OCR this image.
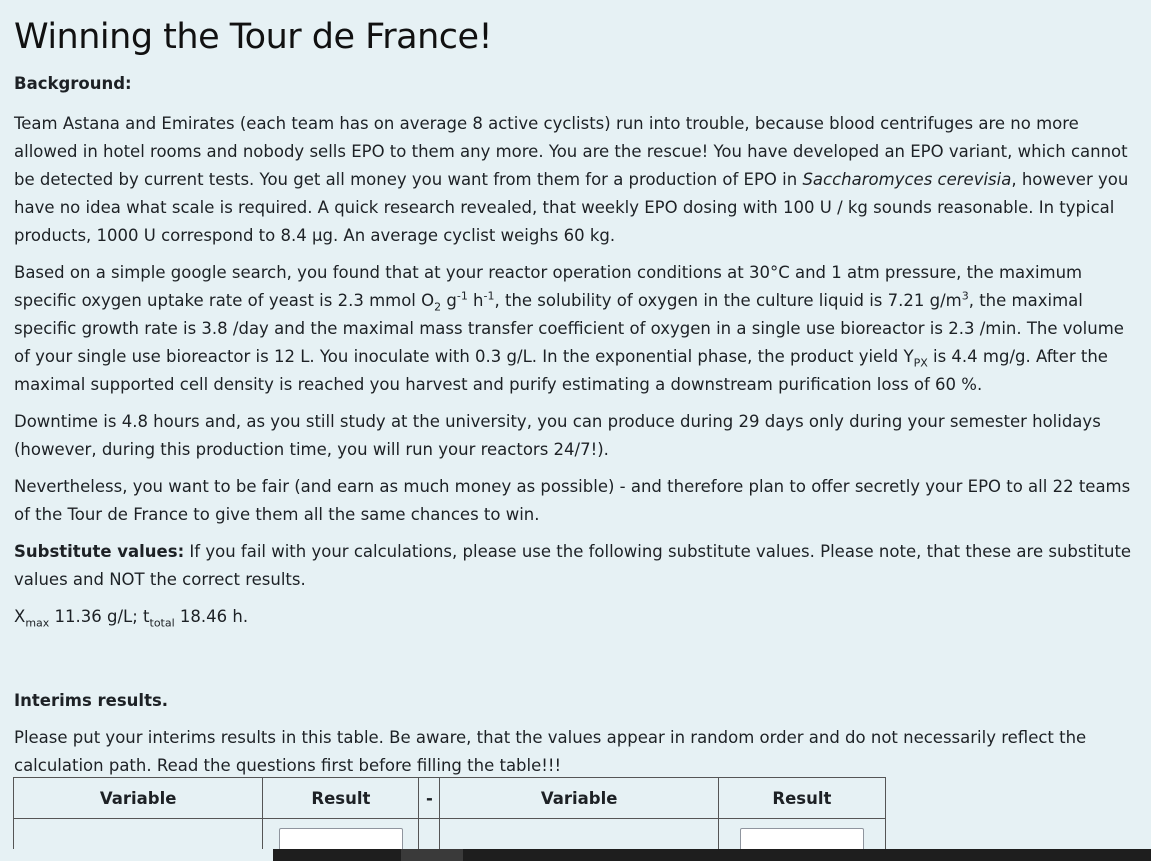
Winning the Tour de France!
Background:

Team Astana and Emirates (each team has on average 8 active cyclists) run into trouble, because blood centrifuges are no more allowed in hotel rooms and nobody sells EPO to them any more. You are the rescue! You have developed an EPO variant, which cannot be detected by current tests. You get all money you want from them for a production of EPO in Saccharomyces cerevisia, however you have no idea what scale is required. A quick research revealed, that weekly EPO dosing with 100 U / kg sounds reasonable. In typical products, 1000 U correspond to 8.4 µg. An average cyclist weighs 60 kg.

Based on a simple google search, you found that at your reactor operation conditions at 30°C and 1 atm pressure, the maximum specific oxygen uptake rate of yeast is 2.3 mmol $O_2$ $g^{-1}$ $h^{-1}$, the solubility of oxygen in the culture liquid is 7.21 $g/m^3$, the maximal specific growth rate is 3.8 /day and the maximal mass transfer coefficient of oxygen in a single use bioreactor is 2.3 /min. The volume of your single use bioreactor is 12 L. You inoculate with 0.3 g/L. In the exponential phase, the product yield $Y_{PX}$ is 4.4 mg/g. After the maximal supported cell density is reached you harvest and purify estimating a downstream purification loss of 60 %.

Downtime is 4.8 hours and, as you still study at the university, you can produce during 29 days only during your semester holidays (however, during this production time, you will run your reactors 24/7!).

Nevertheless, you want to be fair (and earn as much money as possible) - and therefore plan to offer secretly your EPO to all 22 teams of the Tour de France to give them all the same chances to win.

Substitute values: If you fail with your calculations, please use the following substitute values. Please note, that these are substitute values and NOT the correct results.

$X_{max}$ 11.36 g/L; $t_{total}$ 18.46 h.

Interims results.

Please put your interims results in this table. Be aware, that the values appear in random order and do not necessarily reflect the calculation path. Read the questions first before filling the table!!!

Variable	Result	-	Variable	Result
